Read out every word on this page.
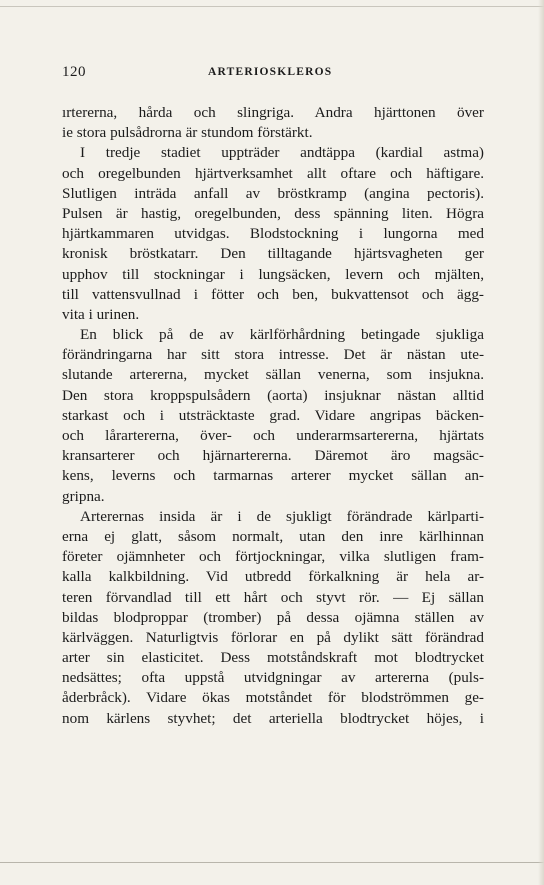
120	ARTERIOSKLEROS
ırtererna, hårda och slingriga. Andra hjärttonen över
ie stora pulsådrorna är stundom förstärkt.
I tredje stadiet uppträder andtäppa (kardial astma)
och oregelbunden hjärtverksamhet allt oftare och häftigare.
Slutligen inträda anfall av bröstkramp (angina pectoris).
Pulsen är hastig, oregelbunden, dess spänning liten. Högra
hjärtkammaren utvidgas. Blodstockning i lungorna med
kronisk bröstkatarr. Den tilltagande hjärtsvagheten ger
upphov till stockningar i lungsäcken, levern och mjälten,
till vattensvullnad i fötter och ben, bukvattensot och ägg-
vita i urinen.
En blick på de av kärlförhårdning betingade sjukliga
förändringarna har sitt stora intresse. Det är nästan ute-
slutande artererna, mycket sällan venerna, som insjukna.
Den stora kroppspulsådern (aorta) insjuknar nästan alltid
starkast och i utsträcktaste grad. Vidare angripas bäcken-
och lårartererna, över- och underarmsartererna, hjärtats
kransarterer och hjärnartererna. Däremot äro magsäc-
kens, leverns och tarmarnas arterer mycket sällan an-
gripna.
Arterernas insida är i de sjukligt förändrade kärlparti-
erna ej glatt, såsom normalt, utan den inre kärlhinnan
företer ojämnheter och förtjockningar, vilka slutligen fram-
kalla kalkbildning. Vid utbredd förkalkning är hela ar-
teren förvandlad till ett hårt och styvt rör. — Ej sällan
bildas blodproppar (tromber) på dessa ojämna ställen av
kärlväggen. Naturligtvis förlorar en på dylikt sätt förändrad
arter sin elasticitet. Dess motståndskraft mot blodtrycket
nedsättes; ofta uppstå utvidgningar av artererna (puls-
åderbråck). Vidare ökas motståndet för blodströmmen ge-
nom kärlens styvhet; det arteriella blodtrycket höjes, i
